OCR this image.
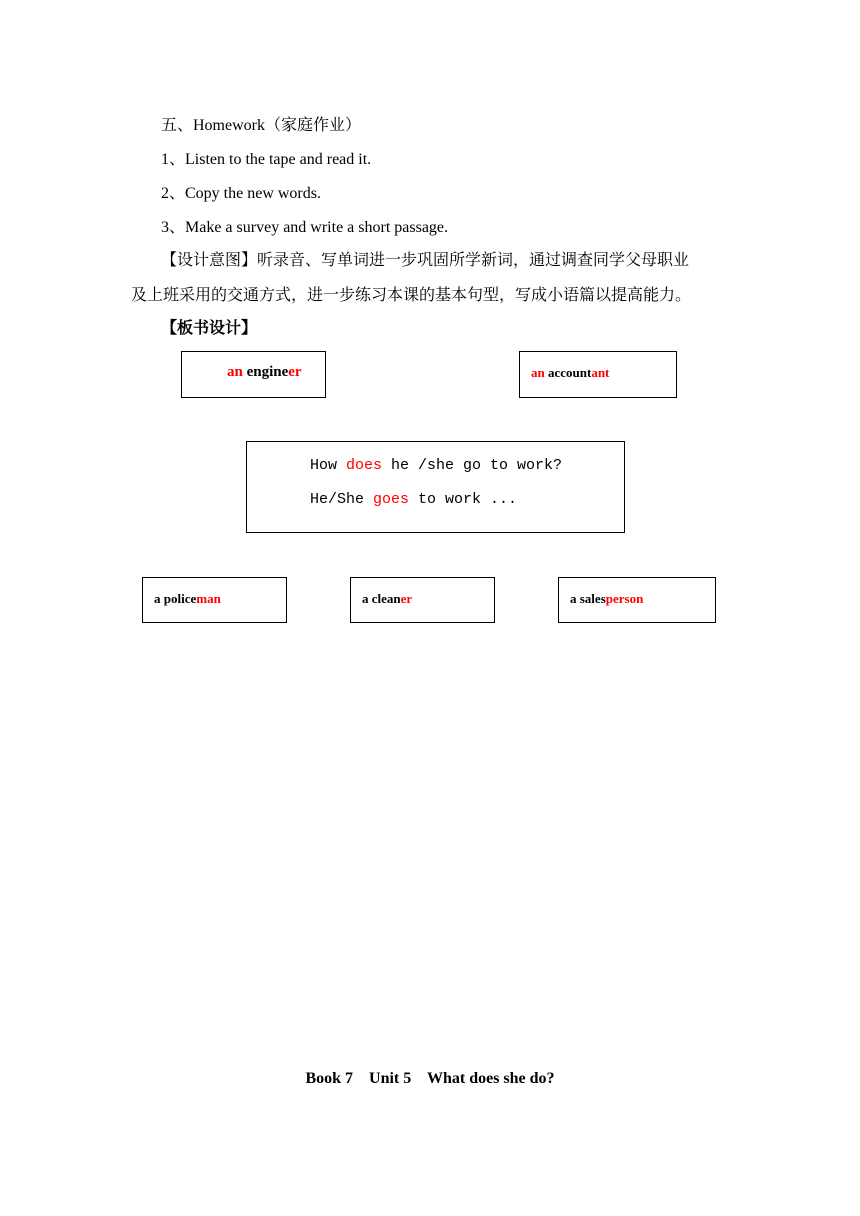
五、Homework（家庭作业）
1、Listen to the tape and read it.
2、Copy the new words.
3、Make a survey and write a short passage.
【设计意图】听录音、写单词进一步巩固所学新词，通过调查同学父母职业
及上班采用的交通方式，进一步练习本课的基本句型，写成小语篇以提高能力。
【板书设计】
an engineer	an accountant
How does he /she go to work?
He/She goes to work ...
a policeman	a cleaner	a salesperson
Book 7    Unit 5    What does she do?
